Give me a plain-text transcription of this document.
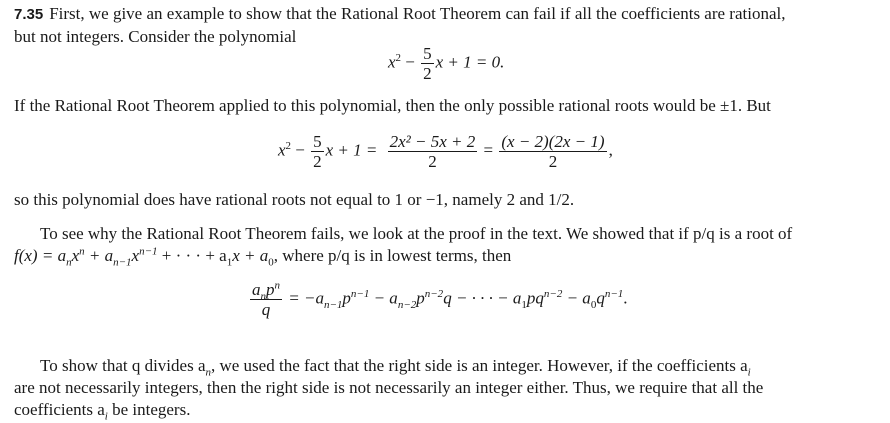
7.35 First, we give an example to show that the Rational Root Theorem can fail if all the coefficients are rational,
but not integers. Consider the polynomial
$x^2 - \frac{5}{2}$ x + 1 = 0.
If the Rational Root Theorem applied to this polynomial, then the only possible rational roots would be ±1. But
$x^2 - \frac{5}{2}$ $x + 1 = \frac{\text{2x² − 5x + 2}}{2} = \frac{(x - 2)(2x - 1)}{2}$ ,
so this polynomial does have rational roots not equal to 1 or −1, namely 2 and 1/2.
To see why the Rational Root Theorem fails, we look at the proof in the text. We showed that if p/q is a root of
$f(x) = a_nx^n + a_{n-1}x^{n-1}$ + · · · + $a_1x + a_0$, where p/q is in lowest terms, then
$\frac{a_np^n}{q} = -a_{n-1}p^{n-1} - a_{n-2}p^{n-2}q$ − · · · − $a_1pq^{n-2} - a_0q^{n-1}$.
To show that q divides $a_n$, we used the fact that the right side is an integer. However, if the coefficients $a_i$
are not necessarily integers, then the right side is not necessarily an integer either. Thus, we require that all the
coefficients $a_i$ be integers.
